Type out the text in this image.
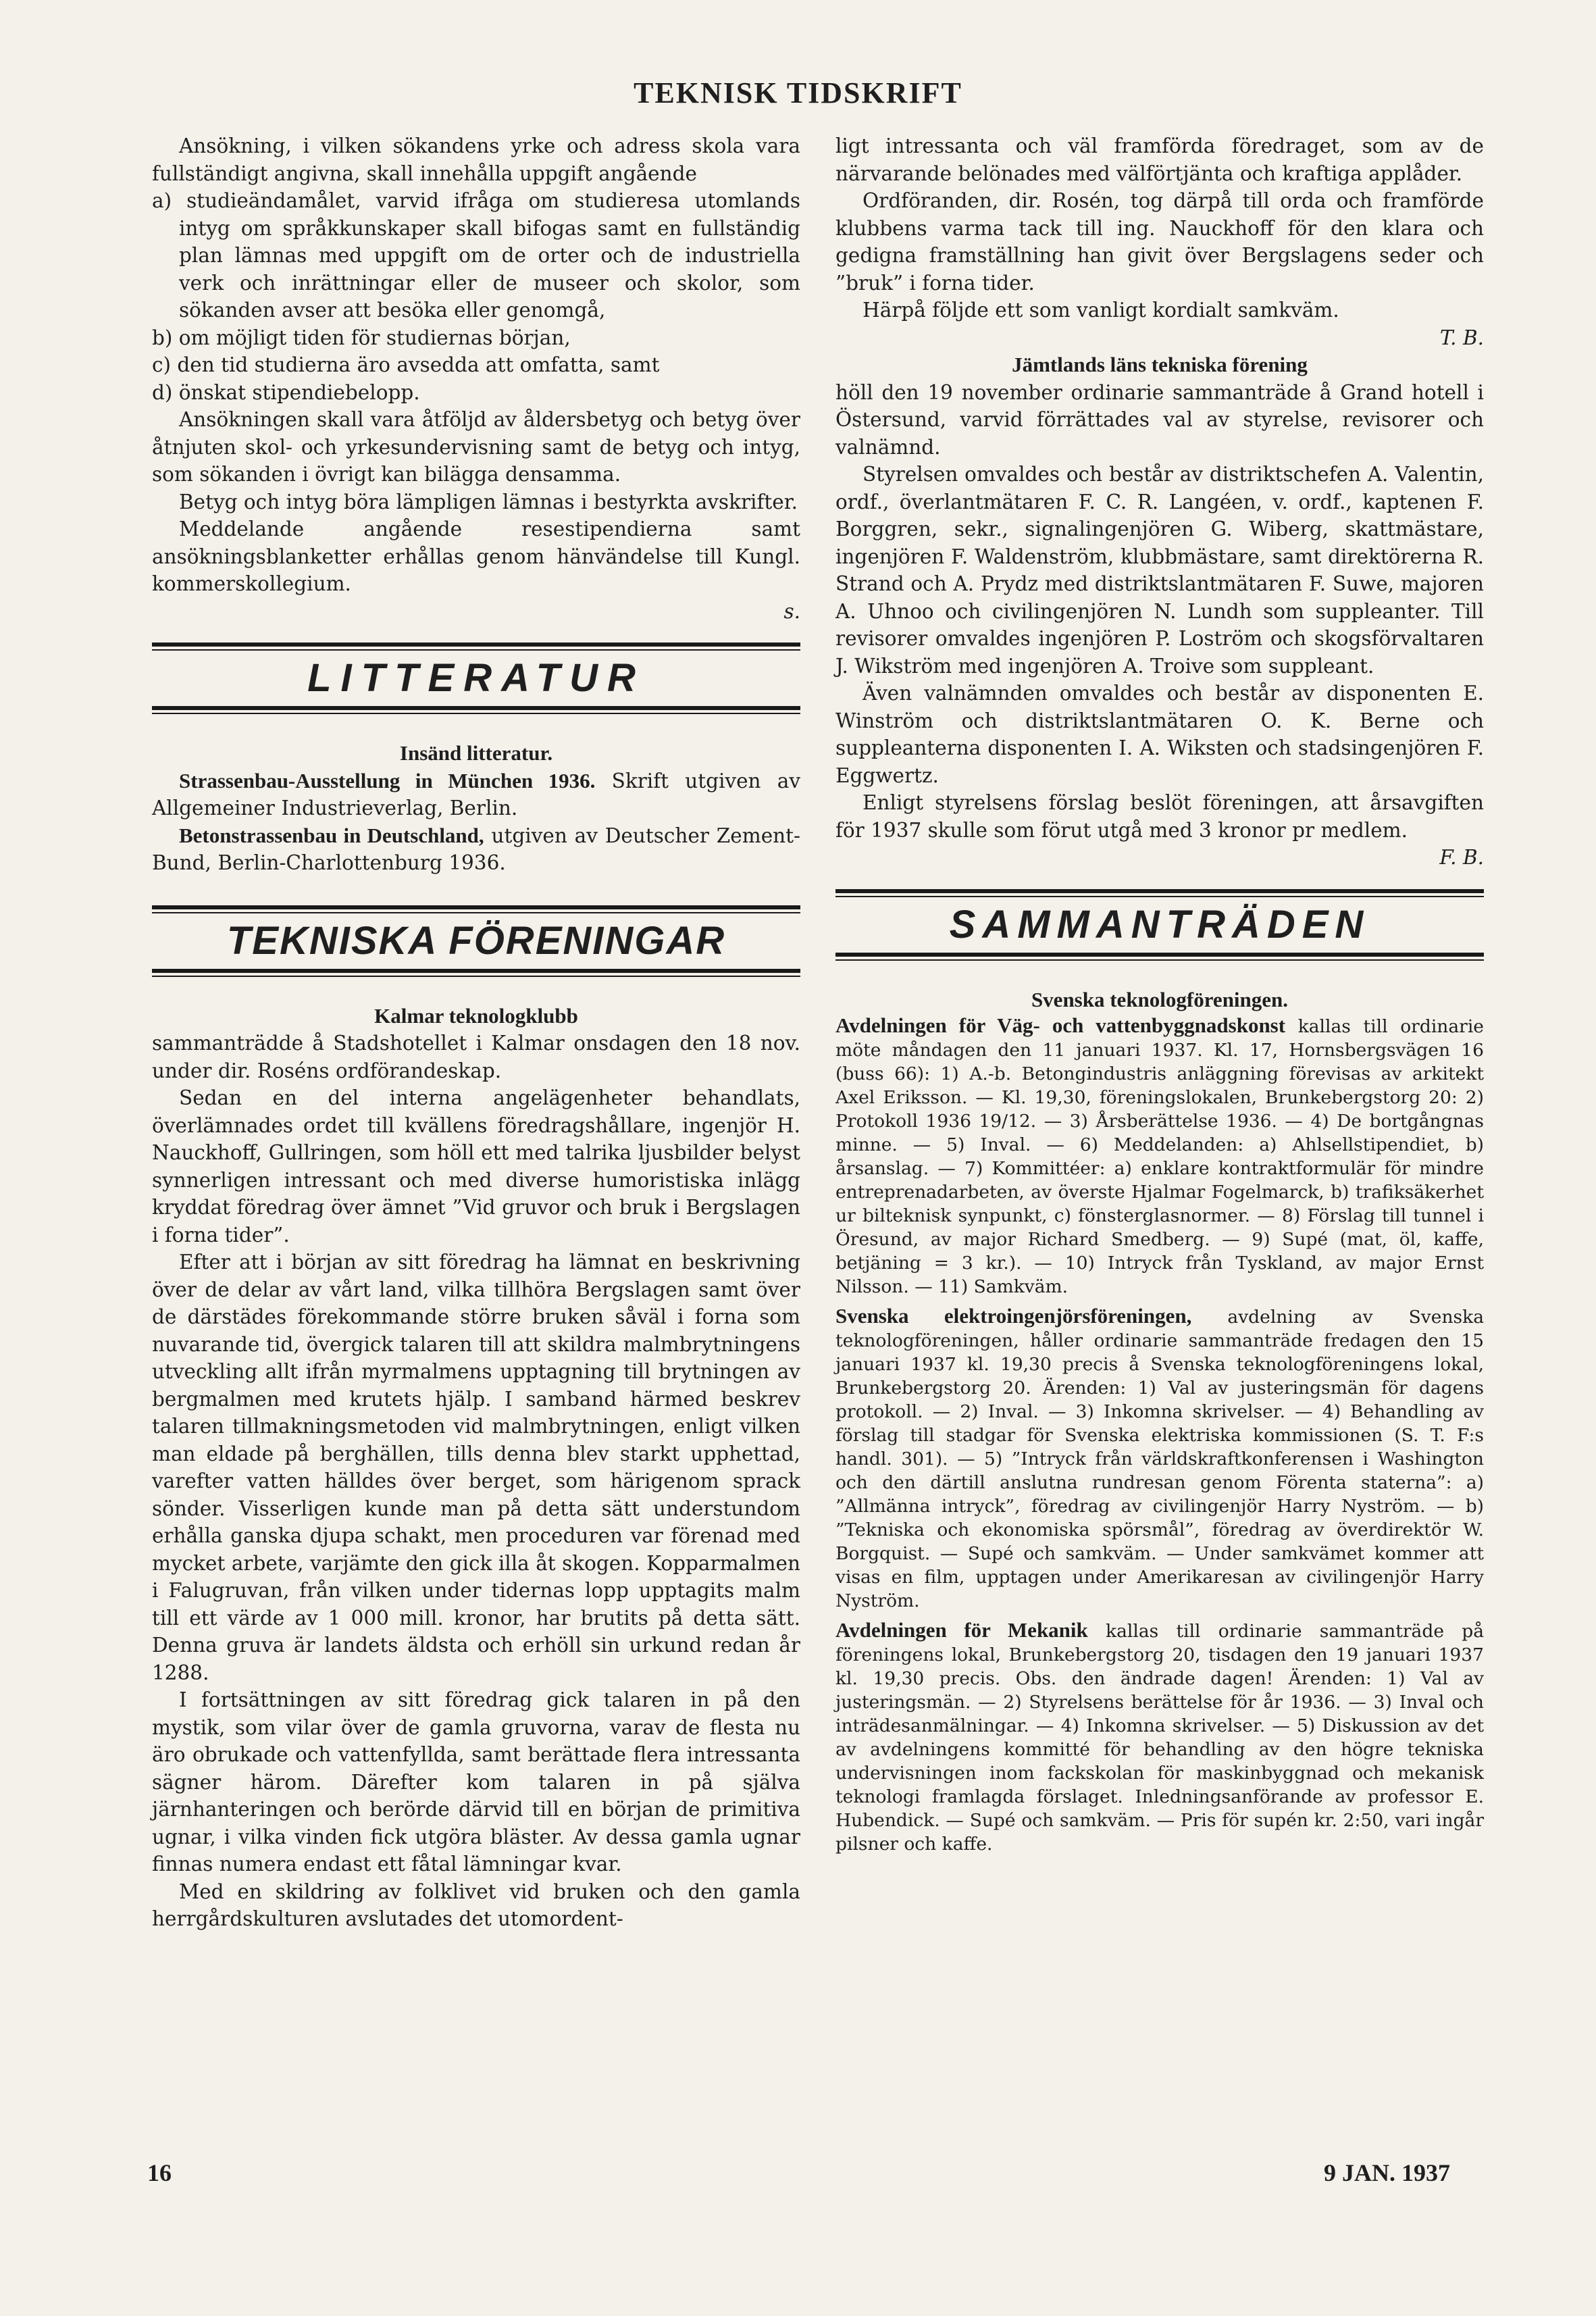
TEKNISK TIDSKRIFT

Ansökning, i vilken sökandens yrke och adress skola vara fullständigt angivna, skall innehålla uppgift angående

a) studieändamålet, varvid ifråga om studieresa utomlands intyg om språkkunskaper skall bifogas samt en fullständig plan lämnas med uppgift om de orter och de industriella verk och inrättningar eller de museer och skolor, som sökanden avser att besöka eller genomgå,

b) om möjligt tiden för studiernas början,

c) den tid studierna äro avsedda att omfatta, samt

d) önskat stipendiebelopp.

Ansökningen skall vara åtföljd av åldersbetyg och betyg över åtnjuten skol- och yrkesundervisning samt de betyg och intyg, som sökanden i övrigt kan bilägga densamma.

Betyg och intyg böra lämpligen lämnas i bestyrkta avskrifter.

Meddelande angående resestipendierna samt ansökningsblanketter erhållas genom hänvändelse till Kungl. kommerskollegium.

s.

LITTERATUR

Insänd litteratur.

Strassenbau-Ausstellung in München 1936. Skrift utgiven av Allgemeiner Industrieverlag, Berlin.

Betonstrassenbau in Deutschland, utgiven av Deutscher Zement-Bund, Berlin-Charlottenburg 1936.

TEKNISKA FÖRENINGAR

Kalmar teknologklubb

sammanträdde å Stadshotellet i Kalmar onsdagen den 18 nov. under dir. Roséns ordförandeskap.

Sedan en del interna angelägenheter behandlats, överlämnades ordet till kvällens föredragshållare, ingenjör H. Nauckhoff, Gullringen, som höll ett med talrika ljusbilder belyst synnerligen intressant och med diverse humoristiska inlägg kryddat föredrag över ämnet ”Vid gruvor och bruk i Bergslagen i forna tider”.

Efter att i början av sitt föredrag ha lämnat en beskrivning över de delar av vårt land, vilka tillhöra Bergslagen samt över de därstädes förekommande större bruken såväl i forna som nuvarande tid, övergick talaren till att skildra malmbrytningens utveckling allt ifrån myrmalmens upptagning till brytningen av bergmalmen med krutets hjälp. I samband härmed beskrev talaren tillmakningsmetoden vid malmbrytningen, enligt vilken man eldade på berghällen, tills denna blev starkt upphettad, varefter vatten hälldes över berget, som härigenom sprack sönder. Visserligen kunde man på detta sätt understundom erhålla ganska djupa schakt, men proceduren var förenad med mycket arbete, varjämte den gick illa åt skogen. Kopparmalmen i Falugruvan, från vilken under tidernas lopp upptagits malm till ett värde av 1 000 mill. kronor, har brutits på detta sätt. Denna gruva är landets äldsta och erhöll sin urkund redan år 1288.

I fortsättningen av sitt föredrag gick talaren in på den mystik, som vilar över de gamla gruvorna, varav de flesta nu äro obrukade och vattenfyllda, samt berättade flera intressanta sägner härom. Därefter kom talaren in på själva järnhanteringen och berörde därvid till en början de primitiva ugnar, i vilka vinden fick utgöra bläster. Av dessa gamla ugnar finnas numera endast ett fåtal lämningar kvar.

Med en skildring av folklivet vid bruken och den gamla herrgårdskulturen avslutades det utomordent-

ligt intressanta och väl framförda föredraget, som av de närvarande belönades med välförtjänta och kraftiga applåder.

Ordföranden, dir. Rosén, tog därpå till orda och framförde klubbens varma tack till ing. Nauckhoff för den klara och gedigna framställning han givit över Bergslagens seder och ”bruk” i forna tider.

Härpå följde ett som vanligt kordialt samkväm.

T. B.

Jämtlands läns tekniska förening

höll den 19 november ordinarie sammanträde å Grand hotell i Östersund, varvid förrättades val av styrelse, revisorer och valnämnd.

Styrelsen omvaldes och består av distriktschefen A. Valentin, ordf., överlantmätaren F. C. R. Langéen, v. ordf., kaptenen F. Borggren, sekr., signalingenjören G. Wiberg, skattmästare, ingenjören F. Waldenström, klubbmästare, samt direktörerna R. Strand och A. Prydz med distriktslantmätaren F. Suwe, majoren A. Uhnoo och civilingenjören N. Lundh som suppleanter. Till revisorer omvaldes ingenjören P. Loström och skogsförvaltaren J. Wikström med ingenjören A. Troive som suppleant.

Även valnämnden omvaldes och består av disponenten E. Winström och distriktslantmätaren O. K. Berne och suppleanterna disponenten I. A. Wiksten och stadsingenjören F. Eggwertz.

Enligt styrelsens förslag beslöt föreningen, att årsavgiften för 1937 skulle som förut utgå med 3 kronor pr medlem.

F. B.

SAMMANTRÄDEN

Svenska teknologföreningen.

Avdelningen för Väg- och vattenbyggnadskonst kallas till ordinarie möte måndagen den 11 januari 1937. Kl. 17, Hornsbergsvägen 16 (buss 66): 1) A.-b. Betongindustris anläggning förevisas av arkitekt Axel Eriksson. — Kl. 19,30, föreningslokalen, Brunkebergstorg 20: 2) Protokoll 1936 19/12. — 3) Årsberättelse 1936. — 4) De bortgångnas minne. — 5) Inval. — 6) Meddelanden: a) Ahlsellstipendiet, b) årsanslag. — 7) Kommittéer: a) enklare kontraktformulär för mindre entreprenadarbeten, av överste Hjalmar Fogelmarck, b) trafiksäkerhet ur bilteknisk synpunkt, c) fönsterglasnormer. — 8) Förslag till tunnel i Öresund, av major Richard Smedberg. — 9) Supé (mat, öl, kaffe, betjäning = 3 kr.). — 10) Intryck från Tyskland, av major Ernst Nilsson. — 11) Samkväm.

Svenska elektroingenjörsföreningen, avdelning av Svenska teknologföreningen, håller ordinarie sammanträde fredagen den 15 januari 1937 kl. 19,30 precis å Svenska teknologföreningens lokal, Brunkebergstorg 20. Ärenden: 1) Val av justeringsmän för dagens protokoll. — 2) Inval. — 3) Inkomna skrivelser. — 4) Behandling av förslag till stadgar för Svenska elektriska kommissionen (S. T. F:s handl. 301). — 5) ”Intryck från världskraftkonferensen i Washington och den därtill anslutna rundresan genom Förenta staterna”: a) ”Allmänna intryck”, föredrag av civilingenjör Harry Nyström. — b) ”Tekniska och ekonomiska spörsmål”, föredrag av överdirektör W. Borgquist. — Supé och samkväm. — Under samkvämet kommer att visas en film, upptagen under Amerikaresan av civilingenjör Harry Nyström.

Avdelningen för Mekanik kallas till ordinarie sammanträde på föreningens lokal, Brunkebergstorg 20, tisdagen den 19 januari 1937 kl. 19,30 precis. Obs. den ändrade dagen! Ärenden: 1) Val av justeringsmän. — 2) Styrelsens berättelse för år 1936. — 3) Inval och inträdesanmälningar. — 4) Inkomna skrivelser. — 5) Diskussion av det av avdelningens kommitté för behandling av den högre tekniska undervisningen inom fackskolan för maskinbyggnad och mekanisk teknologi framlagda förslaget. Inledningsanförande av professor E. Hubendick. — Supé och samkväm. — Pris för supén kr. 2:50, vari ingår pilsner och kaffe.

16	9 JAN. 1937
